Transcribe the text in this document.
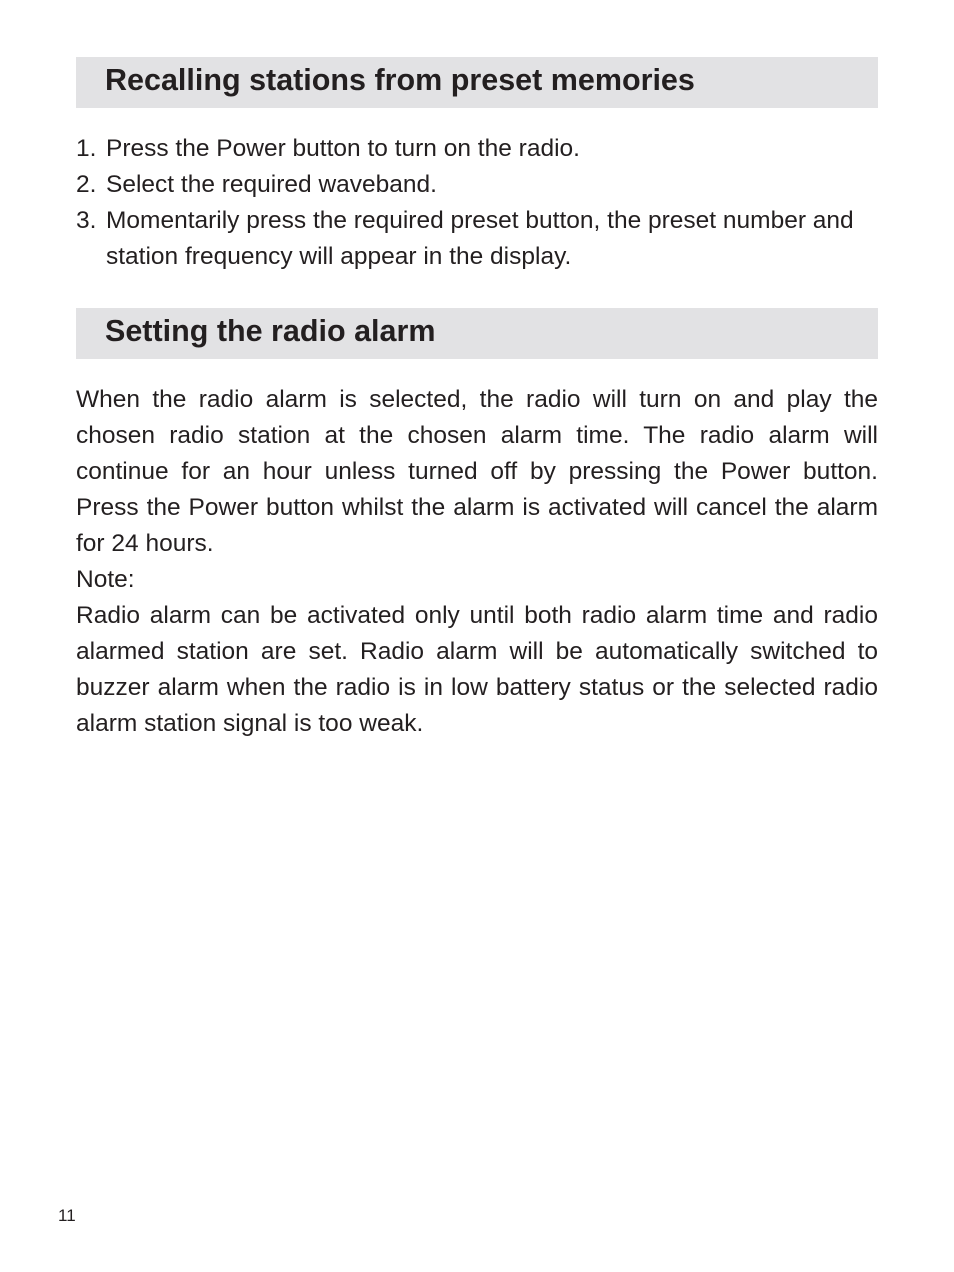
Recalling stations from preset memories
1. Press the Power button to turn on the radio.
2. Select the required waveband.
3. Momentarily press the required preset button, the preset number and station frequency will appear in the display.
Setting the radio alarm

When the radio alarm is selected, the radio will turn on and play the chosen radio station at the chosen alarm time. The radio alarm will continue for an hour unless turned off by pressing the Power button. Press the Power button whilst the alarm is activated will cancel the alarm for 24 hours.

Note:

Radio alarm can be activated only until both radio alarm time and radio alarmed station are set. Radio alarm will be automatically switched to buzzer alarm when the radio is in low battery status or the selected radio alarm station signal is too weak.

11
